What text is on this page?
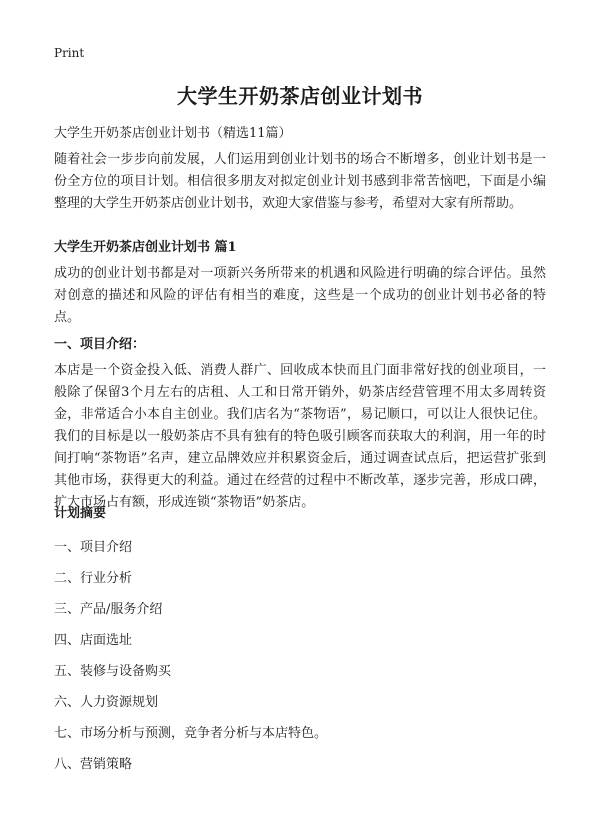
Print
大学生开奶茶店创业计划书
大学生开奶茶店创业计划书（精选11篇）
随着社会一步步向前发展，人们运用到创业计划书的场合不断增多，创业计划书是一份全方位的项目计划。相信很多朋友对拟定创业计划书感到非常苦恼吧，下面是小编整理的大学生开奶茶店创业计划书，欢迎大家借鉴与参考，希望对大家有所帮助。
大学生开奶茶店创业计划书 篇1
成功的创业计划书都是对一项新兴务所带来的机遇和风险进行明确的综合评估。虽然对创意的描述和风险的评估有相当的难度，这些是一个成功的创业计划书必备的特点。
一、项目介绍：
本店是一个资金投入低、消费人群广、回收成本快而且门面非常好找的创业项目，一般除了保留3个月左右的店租、人工和日常开销外，奶茶店经营管理不用太多周转资金，非常适合小本自主创业。我们店名为“茶物语”，易记顺口，可以让人很快记住。我们的目标是以一般奶茶店不具有独有的特色吸引顾客而获取大的利润，用一年的时间打响“茶物语”名声，建立品牌效应并积累资金后，通过调查试点后，把运营扩张到其他市场，获得更大的利益。通过在经营的过程中不断改革，逐步完善，形成口碑，扩大市场占有额，形成连锁“茶物语”奶茶店。
计划摘要
一、项目介绍
二、行业分析
三、产品/服务介绍
四、店面选址
五、装修与设备购买
六、人力资源规划
七、市场分析与预测，竞争者分析与本店特色。
八、营销策略
